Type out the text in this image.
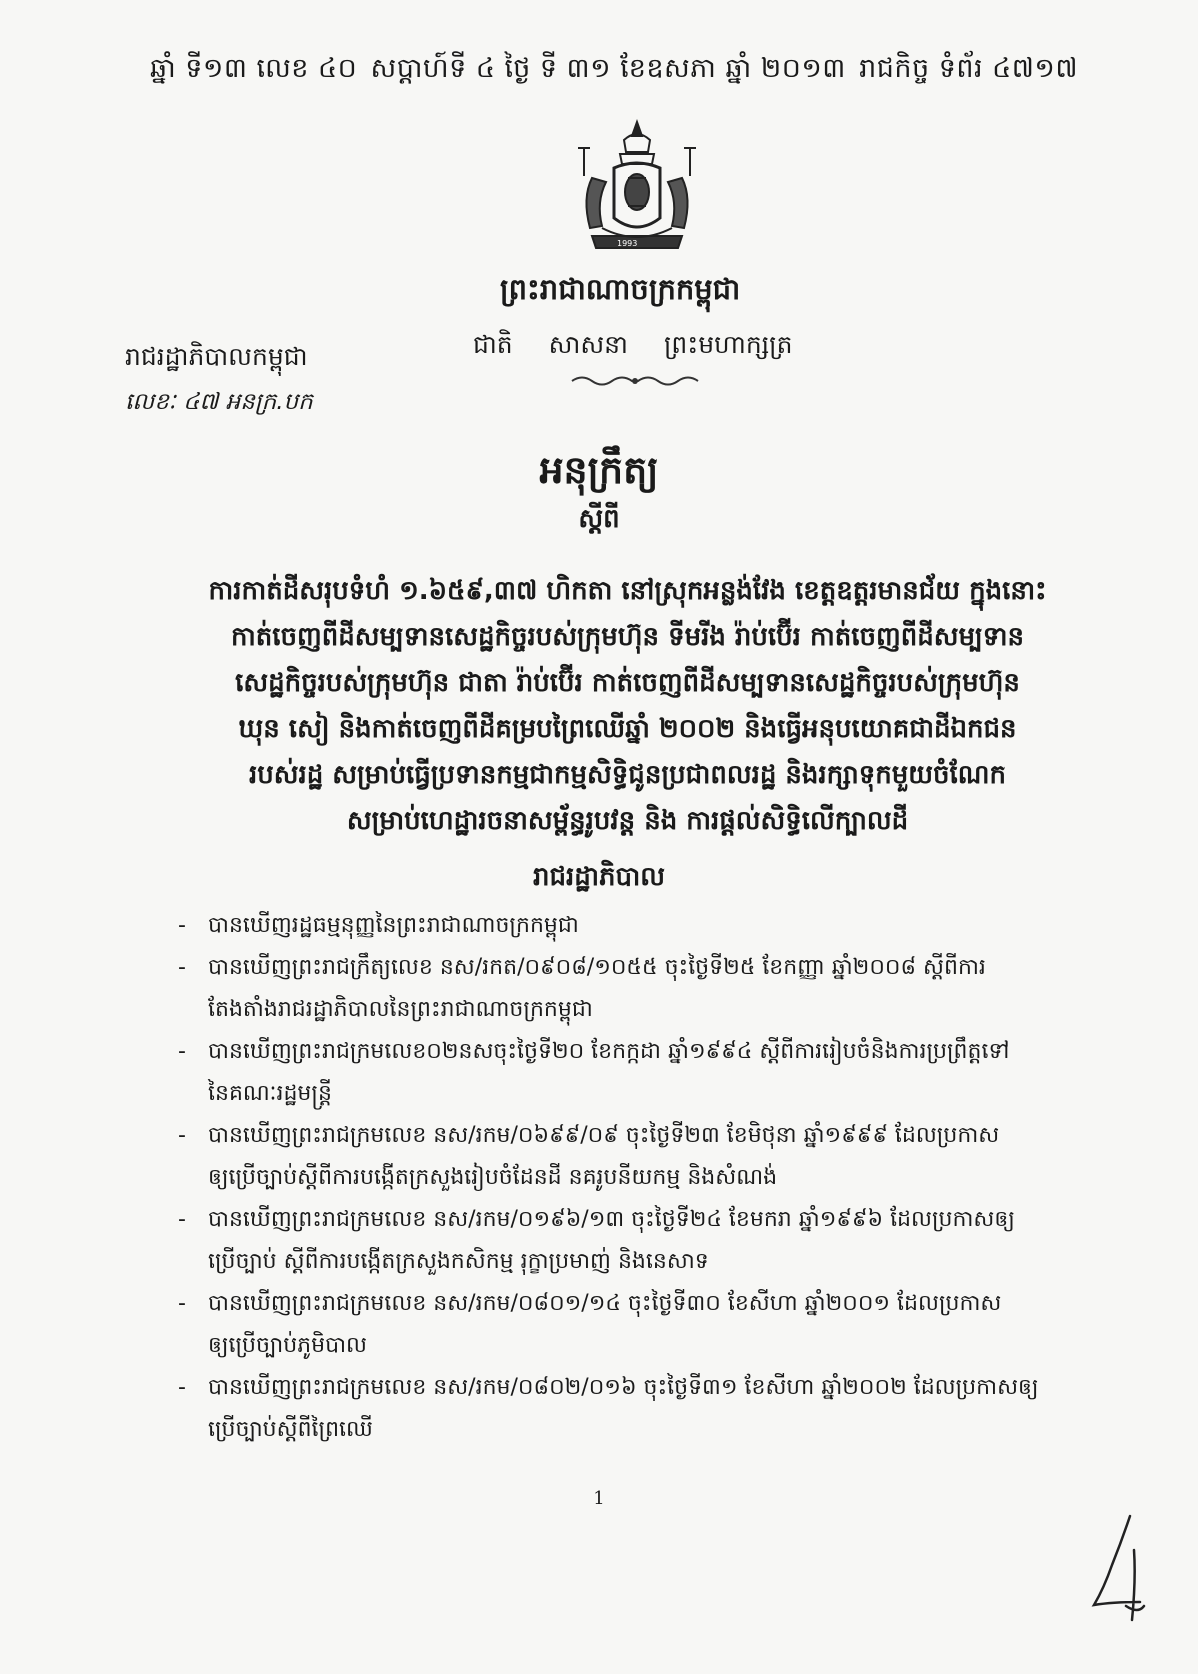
ឆ្នាំ ទី១៣ លេខ ៤០ សប្ដាហ៍ទី ៤ ថ្ងៃ ទី ៣១ ខែឧសភា ឆ្នាំ ២០១៣ រាជកិច្ច ទំព័រ ៤៧១៧
1993
ព្រះរាជាណាចក្រកម្ពុជា
ជាតិ សាសនា ព្រះមហាក្សត្រ
រាជរដ្ឋាភិបាលកម្ពុជា
លេខៈ ៤៧ អនក្រ.បក
អនុក្រឹត្យ
ស្ដីពី
ការកាត់ដីសរុបទំហំ ១.៦៥៩,៣៧ ហិកតា នៅស្រុកអន្លង់វែង ខេត្តឧត្តរមានជ័យ ក្នុងនោះ
កាត់ចេញពីដីសម្បទានសេដ្ឋកិច្ចរបស់ក្រុមហ៊ុន ទីមរីង រ៉ាប់ប៊ើរ កាត់ចេញពីដីសម្បទាន
សេដ្ឋកិច្ចរបស់ក្រុមហ៊ុន ជាតា រ៉ាប់ប៊ើរ កាត់ចេញពីដីសម្បទានសេដ្ឋកិច្ចរបស់ក្រុមហ៊ុន
ឃុន សៀ និងកាត់ចេញពីដីគម្របព្រៃឈើឆ្នាំ ២០០២ និងធ្វើអនុបយោគជាដីឯកជន
របស់រដ្ឋ សម្រាប់ធ្វើប្រទានកម្មជាកម្មសិទ្ធិជូនប្រជាពលរដ្ឋ និងរក្សាទុកមួយចំណែក
សម្រាប់ហេដ្ឋារចនាសម្ព័ន្ធរូបវន្ត និង ការផ្ដល់សិទ្ធិលើក្បាលដី
រាជរដ្ឋាភិបាល
- បានឃើញរដ្ឋធម្មនុញ្ញនៃព្រះរាជាណាចក្រកម្ពុជា
- បានឃើញព្រះរាជក្រឹត្យលេខ នស/រកត/០៩០៨/១០៥៥ ចុះថ្ងៃទី២៥ ខែកញ្ញា ឆ្នាំ២០០៨ ស្ដីពីការ
តែងតាំងរាជរដ្ឋាភិបាលនៃព្រះរាជាណាចក្រកម្ពុជា
- បានឃើញព្រះរាជក្រមលេខ០២នសចុះថ្ងៃទី២០ ខែកក្កដា ឆ្នាំ១៩៩៤ ស្ដីពីការរៀបចំនិងការប្រព្រឹត្តទៅ
នៃគណៈរដ្ឋមន្ត្រី
- បានឃើញព្រះរាជក្រមលេខ នស/រកម/០៦៩៩/០៩ ចុះថ្ងៃទី២៣ ខែមិថុនា ឆ្នាំ១៩៩៩ ដែលប្រកាស
ឲ្យប្រើច្បាប់ស្ដីពីការបង្កើតក្រសួងរៀបចំដែនដី នគរូបនីយកម្ម និងសំណង់
- បានឃើញព្រះរាជក្រមលេខ នស/រកម/០១៩៦/១៣ ចុះថ្ងៃទី២៤ ខែមករា ឆ្នាំ១៩៩៦ ដែលប្រកាសឲ្យ
ប្រើច្បាប់ ស្ដីពីការបង្កើតក្រសួងកសិកម្ម រុក្ខាប្រមាញ់ និងនេសាទ
- បានឃើញព្រះរាជក្រមលេខ នស/រកម/០៨០១/១៤ ចុះថ្ងៃទី៣០ ខែសីហា ឆ្នាំ២០០១ ដែលប្រកាស
ឲ្យប្រើច្បាប់ភូមិបាល
- បានឃើញព្រះរាជក្រមលេខ នស/រកម/០៨០២/០១៦ ចុះថ្ងៃទី៣១ ខែសីហា ឆ្នាំ២០០២ ដែលប្រកាសឲ្យ
ប្រើច្បាប់ស្ដីពីព្រៃឈើ
1
